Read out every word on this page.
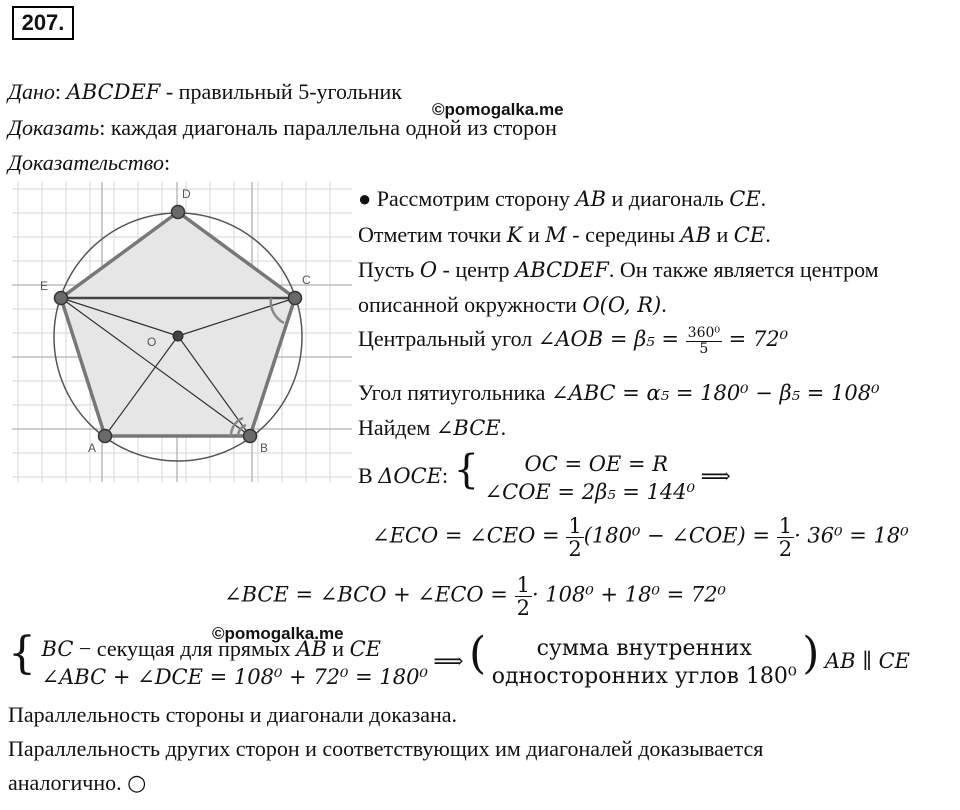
207.
Дано: ABCDEF - правильный 5-угольник
©pomogalka.me
Доказать: каждая диагональ параллельна одной из сторон
Доказательство:
D
C
E
O
A	B
● Рассмотрим сторону AB и диагональ CE.
Отметим точки K и M - середины AB и CE.
Пусть O - центр ABCDEF. Он также является центром
описанной окружности O(O, R).
Центральный угол ∠AOB = $\beta_5 = \frac{\text{360⁰}}{5} = 72^0$
Угол пятиугольника ∠ABC = α₅ = 180⁰ − β₅ = 108⁰
Найдем ∠BCE.
В ΔOCE: {	OC = OE = R
∠COE = 2β₅ = 144⁰
⟹
∠ECO = ∠CEO = $\frac{1}{2} (180^0$ − ∠COE) = $\frac{1}{2} \cdot 36^0 = 18^0$
∠BCE = ∠BCO + ∠ECO = $\frac{1}{2} \cdot 108^0 + 18^0 = 72^0$
©pomogalka.me
{ BC − секущая для прямых AB и CE
∠ABC + ∠DCE = 108⁰ + 72⁰ = 180⁰
⟹ (	сумма внутренних
односторонних углов 180⁰ ) AB ∥ CE
Параллельность стороны и диагонали доказана.
Параллельность других сторон и соответствующих им диагоналей доказывается
аналогично. ○
